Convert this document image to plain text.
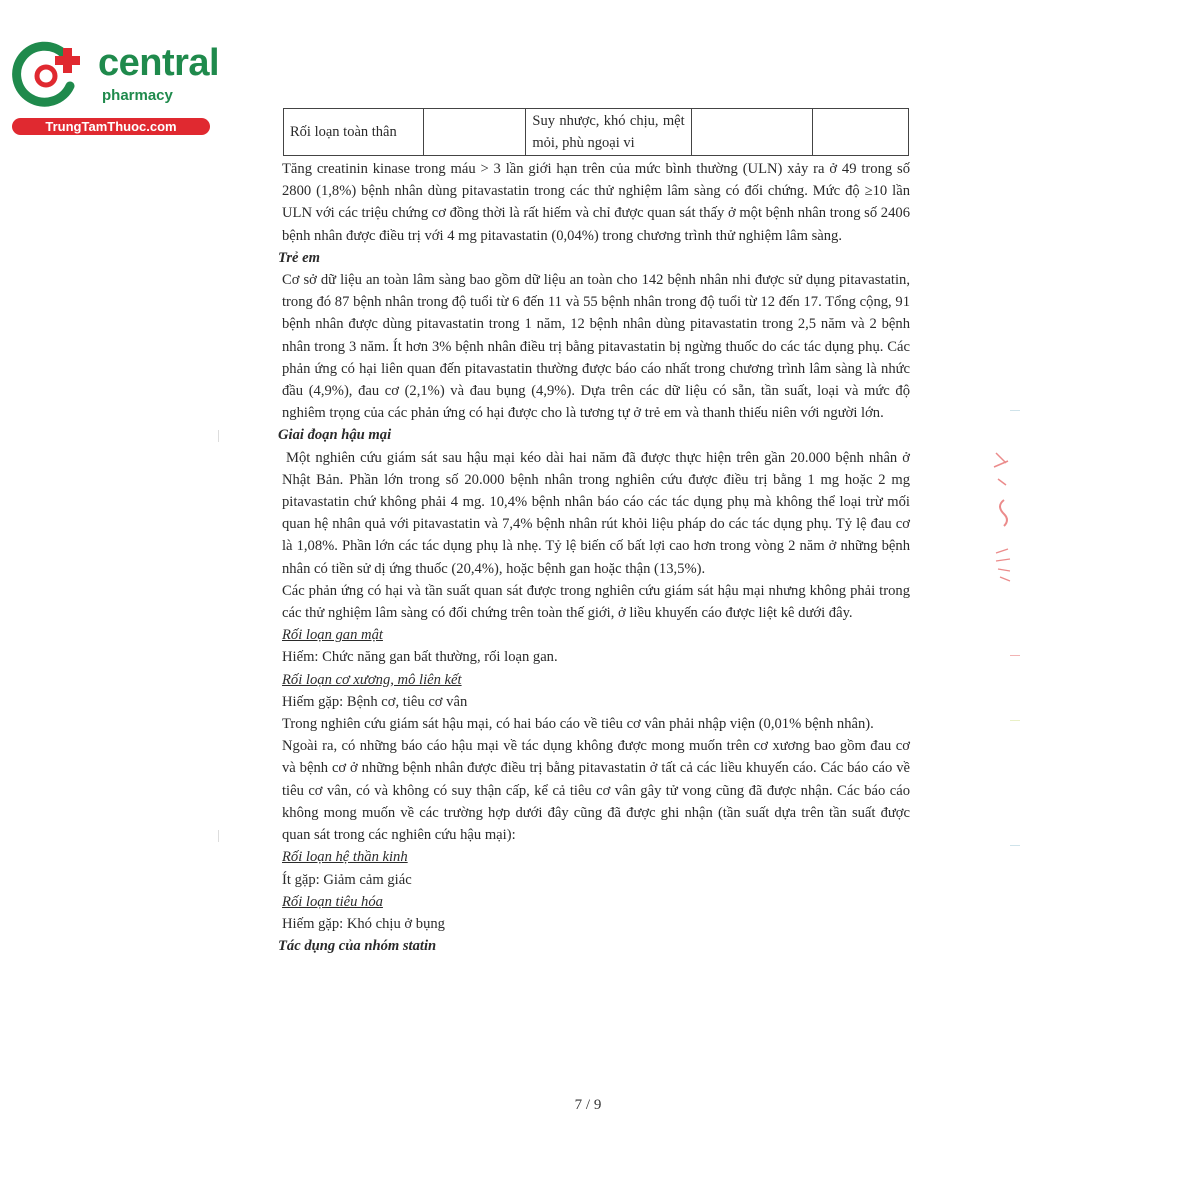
central
pharmacy
TrungTamThuoc.com	Rối loạn toàn thân		Suy nhược, khó chịu, mệt mỏi, phù ngoại vi		

Tăng creatinin kinase trong máu > 3 lần giới hạn trên của mức bình thường (ULN) xảy ra ở 49 trong số 2800 (1,8%) bệnh nhân dùng pitavastatin trong các thử nghiệm lâm sàng có đối chứng. Mức độ ≥10 lần ULN với các triệu chứng cơ đồng thời là rất hiếm và chỉ được quan sát thấy ở một bệnh nhân trong số 2406 bệnh nhân được điều trị với 4 mg pitavastatin (0,04%) trong chương trình thử nghiệm lâm sàng.

Trẻ em

Cơ sở dữ liệu an toàn lâm sàng bao gồm dữ liệu an toàn cho 142 bệnh nhân nhi được sử dụng pitavastatin, trong đó 87 bệnh nhân trong độ tuổi từ 6 đến 11 và 55 bệnh nhân trong độ tuổi từ 12 đến 17. Tổng cộng, 91 bệnh nhân được dùng pitavastatin trong 1 năm, 12 bệnh nhân dùng pitavastatin trong 2,5 năm và 2 bệnh nhân trong 3 năm. Ít hơn 3% bệnh nhân điều trị bằng pitavastatin bị ngừng thuốc do các tác dụng phụ. Các phản ứng có hại liên quan đến pitavastatin thường được báo cáo nhất trong chương trình lâm sàng là nhức đầu (4,9%), đau cơ (2,1%) và đau bụng (4,9%). Dựa trên các dữ liệu có sẵn, tần suất, loại và mức độ nghiêm trọng của các phản ứng có hại được cho là tương tự ở trẻ em và thanh thiếu niên với người lớn.

Giai đoạn hậu mại

Một nghiên cứu giám sát sau hậu mại kéo dài hai năm đã được thực hiện trên gần 20.000 bệnh nhân ở Nhật Bản. Phần lớn trong số 20.000 bệnh nhân trong nghiên cứu được điều trị bằng 1 mg hoặc 2 mg pitavastatin chứ không phải 4 mg. 10,4% bệnh nhân báo cáo các tác dụng phụ mà không thể loại trừ mối quan hệ nhân quả với pitavastatin và 7,4% bệnh nhân rút khỏi liệu pháp do các tác dụng phụ. Tỷ lệ đau cơ là 1,08%. Phần lớn các tác dụng phụ là nhẹ. Tỷ lệ biến cố bất lợi cao hơn trong vòng 2 năm ở những bệnh nhân có tiền sử dị ứng thuốc (20,4%), hoặc bệnh gan hoặc thận (13,5%).

Các phản ứng có hại và tần suất quan sát được trong nghiên cứu giám sát hậu mại nhưng không phải trong các thử nghiệm lâm sàng có đối chứng trên toàn thế giới, ở liều khuyến cáo được liệt kê dưới đây.

Rối loạn gan mật

Hiếm: Chức năng gan bất thường, rối loạn gan.

Rối loạn cơ xương, mô liên kết

Hiếm gặp: Bệnh cơ, tiêu cơ vân

Trong nghiên cứu giám sát hậu mại, có hai báo cáo về tiêu cơ vân phải nhập viện (0,01% bệnh nhân).

Ngoài ra, có những báo cáo hậu mại về tác dụng không được mong muốn trên cơ xương bao gồm đau cơ và bệnh cơ ở những bệnh nhân được điều trị bằng pitavastatin ở tất cả các liều khuyến cáo. Các báo cáo về tiêu cơ vân, có và không có suy thận cấp, kể cả tiêu cơ vân gây tử vong cũng đã được nhận. Các báo cáo không mong muốn về các trường hợp dưới đây cũng đã được ghi nhận (tần suất dựa trên tần suất được quan sát trong các nghiên cứu hậu mại):

Rối loạn hệ thần kinh

Ít gặp: Giảm cảm giác

Rối loạn tiêu hóa

Hiếm gặp: Khó chịu ở bụng

Tác dụng của nhóm statin

7 / 9
